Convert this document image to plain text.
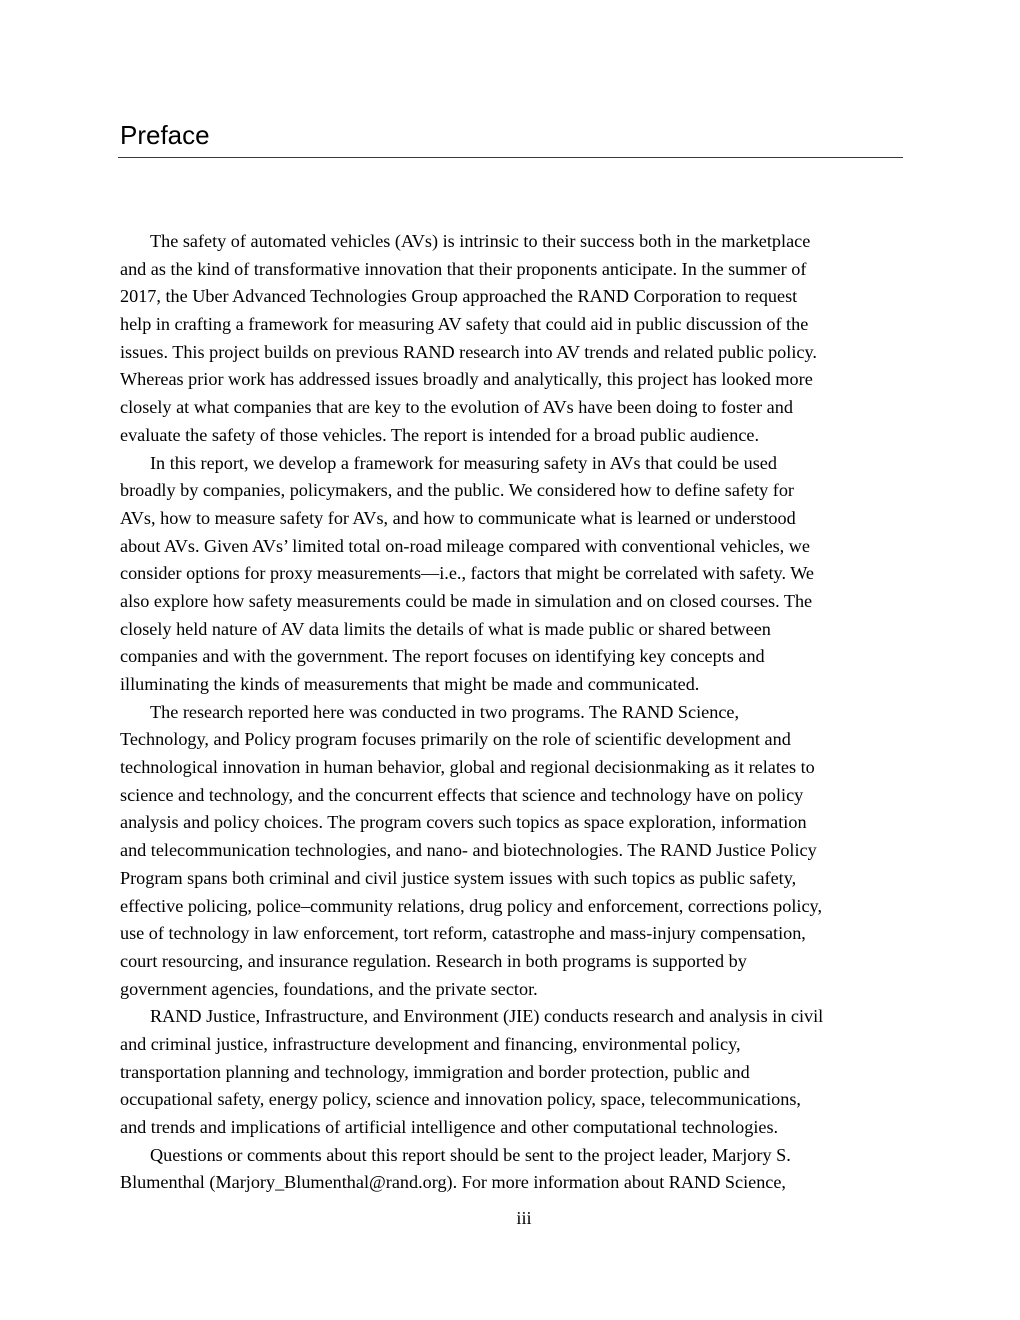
Preface
The safety of automated vehicles (AVs) is intrinsic to their success both in the marketplace
and as the kind of transformative innovation that their proponents anticipate. In the summer of
2017, the Uber Advanced Technologies Group approached the RAND Corporation to request
help in crafting a framework for measuring AV safety that could aid in public discussion of the
issues. This project builds on previous RAND research into AV trends and related public policy.
Whereas prior work has addressed issues broadly and analytically, this project has looked more
closely at what companies that are key to the evolution of AVs have been doing to foster and
evaluate the safety of those vehicles. The report is intended for a broad public audience.
In this report, we develop a framework for measuring safety in AVs that could be used
broadly by companies, policymakers, and the public. We considered how to define safety for
AVs, how to measure safety for AVs, and how to communicate what is learned or understood
about AVs. Given AVs’ limited total on-road mileage compared with conventional vehicles, we
consider options for proxy measurements—i.e., factors that might be correlated with safety. We
also explore how safety measurements could be made in simulation and on closed courses. The
closely held nature of AV data limits the details of what is made public or shared between
companies and with the government. The report focuses on identifying key concepts and
illuminating the kinds of measurements that might be made and communicated.
The research reported here was conducted in two programs. The RAND Science,
Technology, and Policy program focuses primarily on the role of scientific development and
technological innovation in human behavior, global and regional decisionmaking as it relates to
science and technology, and the concurrent effects that science and technology have on policy
analysis and policy choices. The program covers such topics as space exploration, information
and telecommunication technologies, and nano- and biotechnologies. The RAND Justice Policy
Program spans both criminal and civil justice system issues with such topics as public safety,
effective policing, police–community relations, drug policy and enforcement, corrections policy,
use of technology in law enforcement, tort reform, catastrophe and mass-injury compensation,
court resourcing, and insurance regulation. Research in both programs is supported by
government agencies, foundations, and the private sector.
RAND Justice, Infrastructure, and Environment (JIE) conducts research and analysis in civil
and criminal justice, infrastructure development and financing, environmental policy,
transportation planning and technology, immigration and border protection, public and
occupational safety, energy policy, science and innovation policy, space, telecommunications,
and trends and implications of artificial intelligence and other computational technologies.
Questions or comments about this report should be sent to the project leader, Marjory S.
Blumenthal (Marjory_Blumenthal@rand.org). For more information about RAND Science,
iii
